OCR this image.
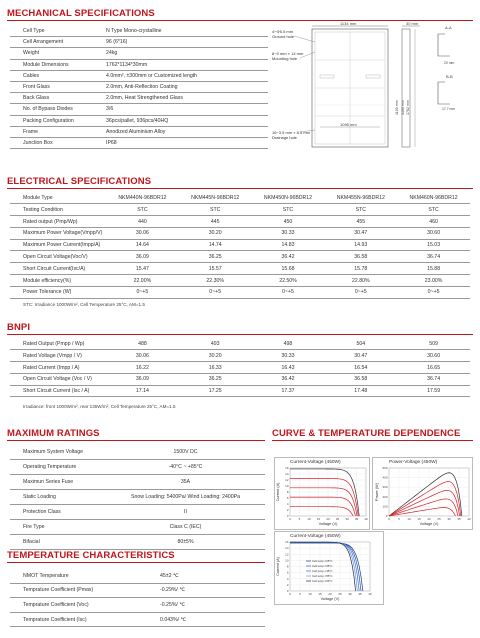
MECHANICAL SPECIFICATIONS
Cell Type	N Type Mono-crystalline
Cell Arrangement	96 (6*16)
Weight	24kg
Module Dimensions	1762*1134*30mm
Cables	4.0mm², ±300mm or Customized length
Front Glass	2.0mm, Anti-Reflection Coating
Back Glass	2.0mm, Heat Strengthened Glass
No. of Bypass Diodes	3/6
Packing Configuration	36pcs/pallet, 936pcs/40HQ
Frame	Anodized Aluminium Alloy
Junction Box	IP68
1134 mm	30 mm
A-A
1096 mm
1100 mm 1400 mm 1762 mm
20 mm
B-B
17.7 mm
4−Φ5.5 mm
Ground hole
8−9 mm × 14 mm
Mounting hole
16−3.5 mm × 8.5 mm
Drainage hole
ELECTRICAL SPECIFICATIONS
STC: Irradiance 1000W/m², Cell Temperature 25°C, AM=1.5
BNPI
Irradiance: front 1000W/m², rear 135W/m², Cell Temperature 25°C, AM=1.5
MAXIMUM RATINGS
Maximum System Voltage	1500V DC
Operating Temperature	-40°C ~ +85°C
Maximun Series Fuse	35A
Static Loading	Snow Loading: 5400Pa/ Wind Loading: 2400Pa
Protection Class	II
Fire Type	Class C (IEC)
Bifacial	80±5%
TEMPERATURE CHARACTERISTICS
NMOT Temperature	45±2 ℃
Temprature Coefficient (Pmax)	-0.29%/ ℃
Temprature Coefficient (Voc)	-0.25%/ ℃
Temprature Coefficient (Isc)	0.043%/ ℃
CURVE & TEMPERATURE DEPENDENCE
Current-Voltage (450W)
0	5 10 15 20 25 30 35 40
0
2
4
6
8
10
12
14
16
Voltage (V)
Current (A)
Power-Voltage (450W)
0	5 10 15 20 25 30 35 40
0
100
200
300
400
500
Voltage (V)
Power (W)
Current-Voltage (450W)
0	5 10 15 20 25 30 35 40
0
2
4
6
8
10
12
14
16
Voltage (V)
Current (A)	Cell temp.=25°C
Cell temp.=35°C
Cell temp.=45°C
Cell temp.=55°C
Cell temp.=65°C
Module Type	NKM440N-96BDR12	NKM445N-96BDR12	NKM450N-96BDR12	NKM455N-96BDR12	NKM460N-96BDR12
Testing Condition	STC	STC	STC	STC	STC
Rated output (Pmp/Wp)	440	445	450	455	460
Maximum Power Voltage(Vmpp/V)	30.06	30.20	30.33	30.47	30.60
Maximum Power Current(Impp/A)	14.64	14.74	14.83	14.93	15.03
Open Circuit Voltage(Voc/V)	36.09	36.25	36.42	36.58	36.74
Short Circuit Current(Isc/A)	15.47	15.57	15.68	15.78	15.88
Module efficiency(%)	22.00%	22.30%	22.50%	22.80%	23.00%
Power Tolerance (W)	0~+5	0~+5	0~+5	0~+5	0~+5
Rated Output (Pmpp / Wp)	488	493	498	504	509
Rated Voltage (Vmpp / V)	30.06	30.20	30.33	30.47	30.60
Rated Current (Impp / A)	16.22	16.33	16.43	16.54	16.65
Open Circuit Voltage (Voc / V)	36.09	36.25	36.42	36.58	36.74
Short Circuit Current (Isc / A)	17.14	17.25	17.37	17.48	17.59
